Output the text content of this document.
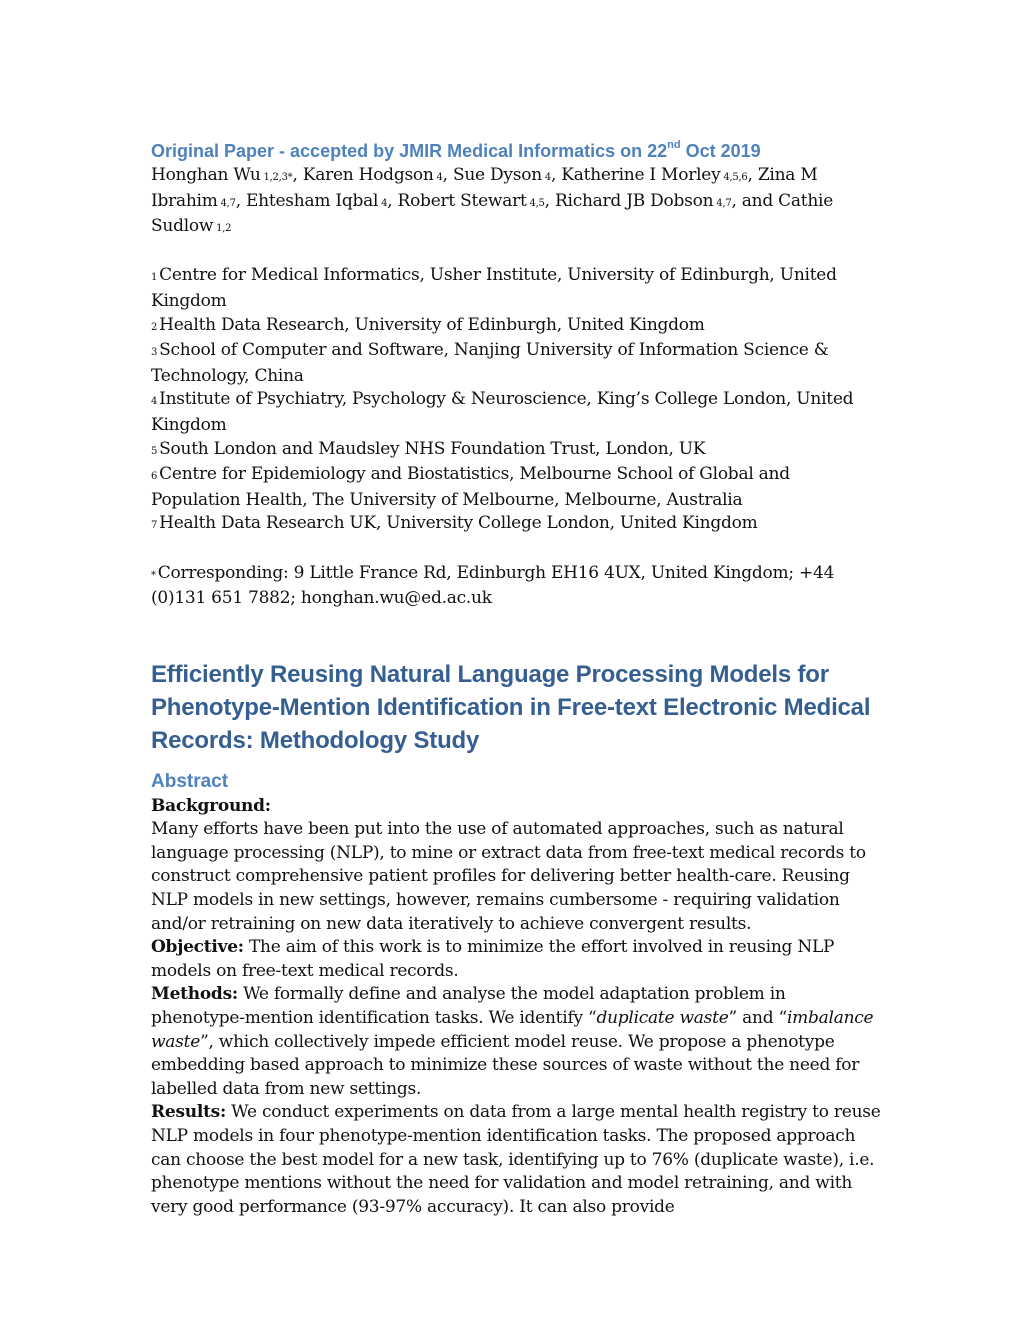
Original Paper - accepted by JMIR Medical Informatics on 22nd Oct 2019

Honghan Wu 1,2,3*, Karen Hodgson 4, Sue Dyson 4, Katherine I Morley 4,5,6, Zina M Ibrahim 4,7, Ehtesham Iqbal 4, Robert Stewart 4,5, Richard JB Dobson 4,7, and Cathie Sudlow 1,2

1 Centre for Medical Informatics, Usher Institute, University of Edinburgh, United Kingdom

2 Health Data Research, University of Edinburgh, United Kingdom

3 School of Computer and Software, Nanjing University of Information Science & Technology, China

4 Institute of Psychiatry, Psychology & Neuroscience, King’s College London, United Kingdom

5 South London and Maudsley NHS Foundation Trust, London, UK

6 Centre for Epidemiology and Biostatistics, Melbourne School of Global and Population Health, The University of Melbourne, Melbourne, Australia

7 Health Data Research UK, University College London, United Kingdom

* Corresponding: 9 Little France Rd, Edinburgh EH16 4UX, United Kingdom; +44 (0)131 651 7882; honghan.wu@ed.ac.uk

Efficiently Reusing Natural Language Processing Models for Phenotype-Mention Identification in Free-text Electronic Medical Records: Methodology Study
Abstract

Background:

Many efforts have been put into the use of automated approaches, such as natural language processing (NLP), to mine or extract data from free-text medical records to construct comprehensive patient profiles for delivering better health-care. Reusing NLP models in new settings, however, remains cumbersome - requiring validation and/or retraining on new data iteratively to achieve convergent results.

Objective: The aim of this work is to minimize the effort involved in reusing NLP models on free-text medical records.

Methods: We formally define and analyse the model adaptation problem in phenotype-mention identification tasks. We identify “duplicate waste” and “imbalance waste”, which collectively impede efficient model reuse. We propose a phenotype embedding based approach to minimize these sources of waste without the need for labelled data from new settings.

Results: We conduct experiments on data from a large mental health registry to reuse NLP models in four phenotype-mention identification tasks. The proposed approach can choose the best model for a new task, identifying up to 76% (duplicate waste), i.e. phenotype mentions without the need for validation and model retraining, and with very good performance (93-97% accuracy). It can also provide
